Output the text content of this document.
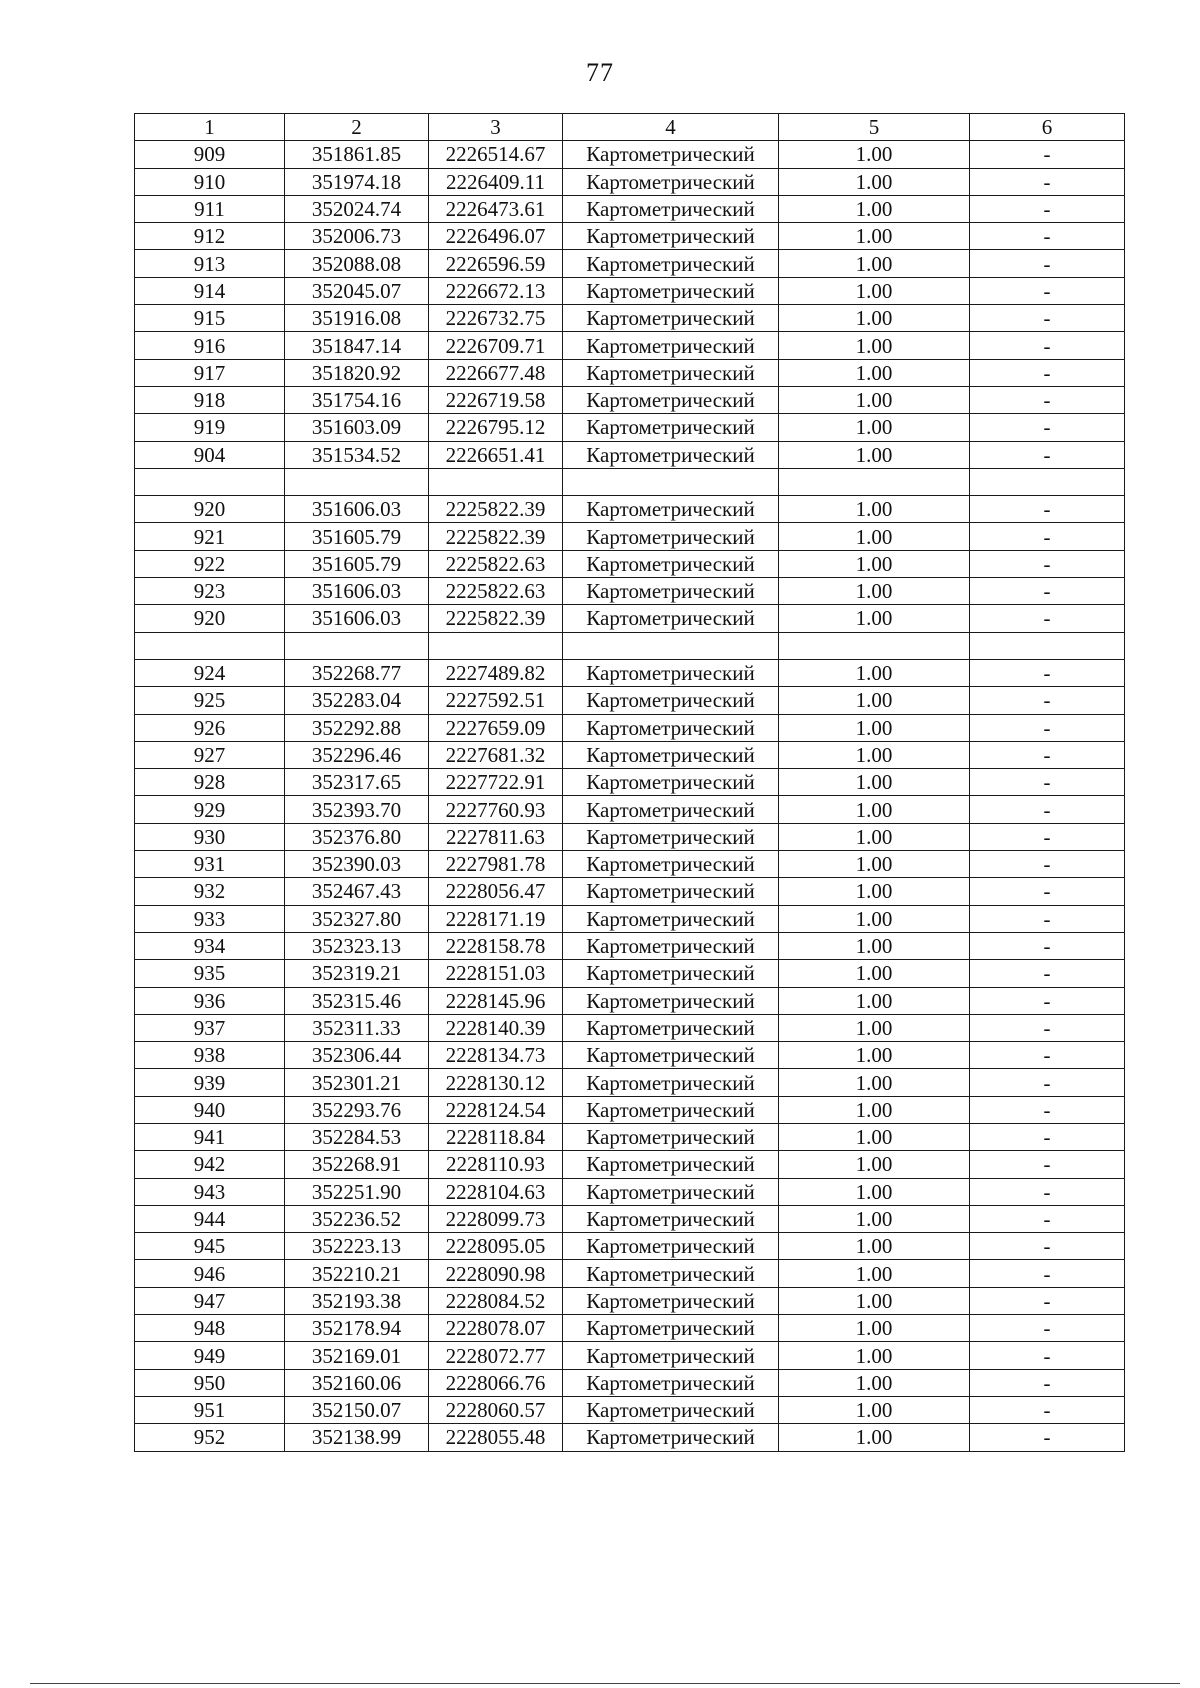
77
1	2	3	4	5	6
909	351861.85	2226514.67	Картометрический	1.00	-
910	351974.18	2226409.11	Картометрический	1.00	-
911	352024.74	2226473.61	Картометрический	1.00	-
912	352006.73	2226496.07	Картометрический	1.00	-
913	352088.08	2226596.59	Картометрический	1.00	-
914	352045.07	2226672.13	Картометрический	1.00	-
915	351916.08	2226732.75	Картометрический	1.00	-
916	351847.14	2226709.71	Картометрический	1.00	-
917	351820.92	2226677.48	Картометрический	1.00	-
918	351754.16	2226719.58	Картометрический	1.00	-
919	351603.09	2226795.12	Картометрический	1.00	-
904	351534.52	2226651.41	Картометрический	1.00	-

920	351606.03	2225822.39	Картометрический	1.00	-
921	351605.79	2225822.39	Картометрический	1.00	-
922	351605.79	2225822.63	Картометрический	1.00	-
923	351606.03	2225822.63	Картометрический	1.00	-
920	351606.03	2225822.39	Картометрический	1.00	-

924	352268.77	2227489.82	Картометрический	1.00	-
925	352283.04	2227592.51	Картометрический	1.00	-
926	352292.88	2227659.09	Картометрический	1.00	-
927	352296.46	2227681.32	Картометрический	1.00	-
928	352317.65	2227722.91	Картометрический	1.00	-
929	352393.70	2227760.93	Картометрический	1.00	-
930	352376.80	2227811.63	Картометрический	1.00	-
931	352390.03	2227981.78	Картометрический	1.00	-
932	352467.43	2228056.47	Картометрический	1.00	-
933	352327.80	2228171.19	Картометрический	1.00	-
934	352323.13	2228158.78	Картометрический	1.00	-
935	352319.21	2228151.03	Картометрический	1.00	-
936	352315.46	2228145.96	Картометрический	1.00	-
937	352311.33	2228140.39	Картометрический	1.00	-
938	352306.44	2228134.73	Картометрический	1.00	-
939	352301.21	2228130.12	Картометрический	1.00	-
940	352293.76	2228124.54	Картометрический	1.00	-
941	352284.53	2228118.84	Картометрический	1.00	-
942	352268.91	2228110.93	Картометрический	1.00	-
943	352251.90	2228104.63	Картометрический	1.00	-
944	352236.52	2228099.73	Картометрический	1.00	-
945	352223.13	2228095.05	Картометрический	1.00	-
946	352210.21	2228090.98	Картометрический	1.00	-
947	352193.38	2228084.52	Картометрический	1.00	-
948	352178.94	2228078.07	Картометрический	1.00	-
949	352169.01	2228072.77	Картометрический	1.00	-
950	352160.06	2228066.76	Картометрический	1.00	-
951	352150.07	2228060.57	Картометрический	1.00	-
952	352138.99	2228055.48	Картометрический	1.00	-
